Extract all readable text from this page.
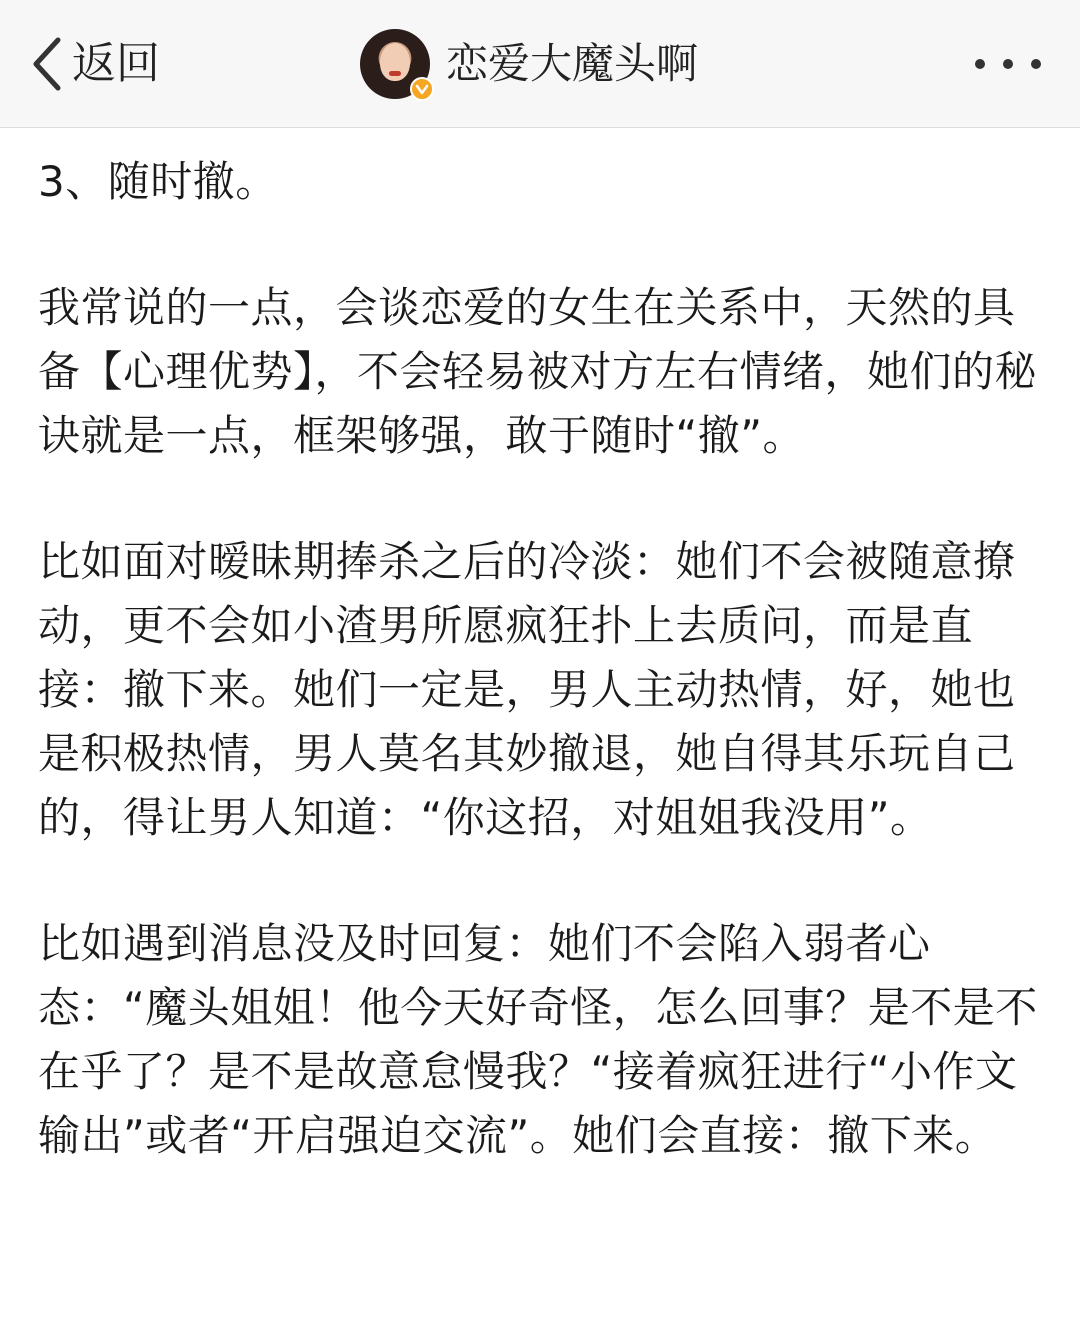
返回	恋爱大魔头啊

3、随时撤。

我常说的一点，会谈恋爱的女生在关系中，天然的具备【心理优势】，不会轻易被对方左右情绪，她们的秘诀就是一点，框架够强，敢于随时“撤”。

比如面对暧昧期捧杀之后的冷淡：她们不会被随意撩动，更不会如小渣男所愿疯狂扑上去质问，而是直接：撤下来。她们一定是，男人主动热情，好，她也是积极热情，男人莫名其妙撤退，她自得其乐玩自己的，得让男人知道：“你这招，对姐姐我没用”。

比如遇到消息没及时回复：她们不会陷入弱者心态：“魔头姐姐！他今天好奇怪，怎么回事？是不是不在乎了？是不是故意怠慢我？“接着疯狂进行“小作文输出”或者“开启强迫交流”。她们会直接：撤下来。
